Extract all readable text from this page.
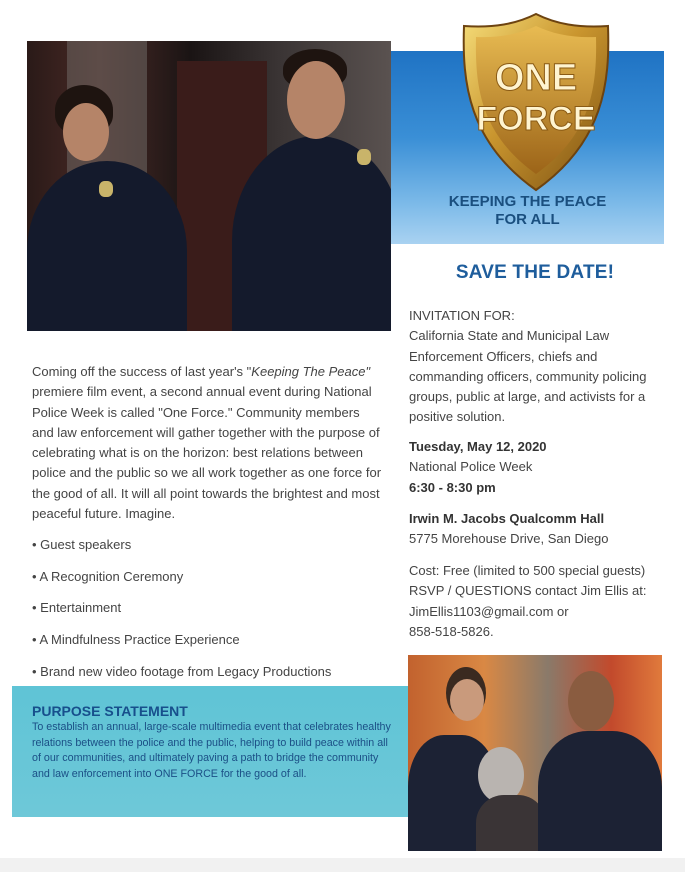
ONE
FORCE
KEEPING THE PEACE
FOR ALL
SAVE THE DATE!
INVITATION FOR:
California State and Municipal Law
Enforcement Officers, chiefs and
commanding officers, community policing
groups, public at large, and activists for a
positive solution.
Tuesday, May 12, 2020
National Police Week
6:30 - 8:30 pm
Irwin M. Jacobs Qualcomm Hall
5775 Morehouse Drive, San Diego
Cost: Free (limited to 500 special guests)
RSVP / QUESTIONS contact Jim Ellis at:
JimEllis1103@gmail.com or
858-518-5826.

Coming off the success of last year's "Keeping The Peace" premiere film event, a second annual event during National Police Week is called "One Force." Community members and law enforcement will gather together with the purpose of celebrating what is on the horizon: best relations between police and the public so we all work together as one force for the good of all. It will all point towards the brightest and most peaceful future. Imagine.

• Guest speakers
• A Recognition Ceremony
• Entertainment
• A Mindfulness Practice Experience
• Brand new video footage from Legacy Productions
PURPOSE STATEMENT

To establish an annual, large-scale multimedia event that celebrates healthy relations between the police and the public, helping to build peace within all of our communities, and ultimately paving a path to bridge the community and law enforcement into ONE FORCE for the good of all.
